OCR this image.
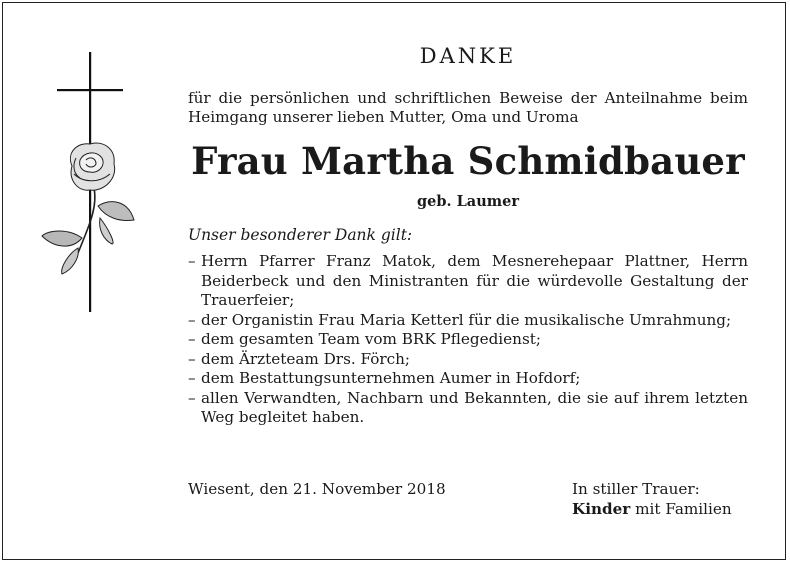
DANKE
für die persönlichen und schriftlichen Beweise der Anteilnahme beim Heimgang unserer lieben Mutter, Oma und Uroma
Frau Martha Schmidbauer
geb. Laumer
Unser besonderer Dank gilt:
– Herrn Pfarrer Franz Matok, dem Mesnerehepaar Plattner, Herrn Beiderbeck und den Ministranten für die würdevolle Gestaltung der Trauerfeier;
– der Organistin Frau Maria Ketterl für die musikalische Umrahmung;
– dem gesamten Team vom BRK Pflegedienst;
– dem Ärzteteam Drs. Förch;
– dem Bestattungsunternehmen Aumer in Hofdorf;
– allen Verwandten, Nachbarn und Bekannten, die sie auf ihrem letzten Weg begleitet haben.
Wiesent, den 21. November 2018	In stiller Trauer:
Kinder mit Familien
